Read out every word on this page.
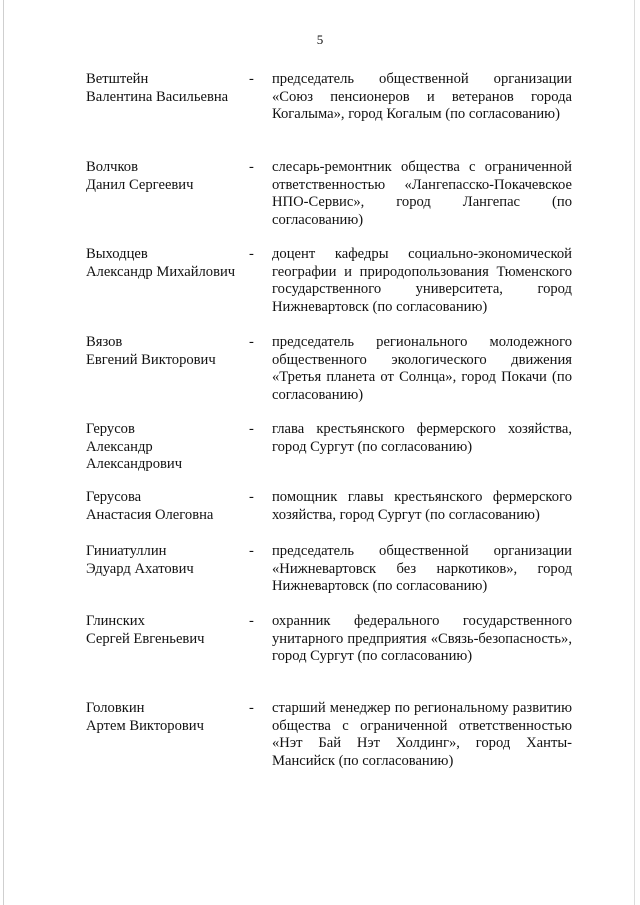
5
Ветштейн
Валентина Васильевна
- председатель общественной организации «Союз пенсионеров и ветеранов города Когалыма», город Когалым (по согласованию)
Волчков
Данил Сергеевич
- слесарь-ремонтник общества с ограниченной ответственностью «Лангепасско-Покачевское НПО-Сервис», город Лангепас (по согласованию)
Выходцев
Александр Михайлович
- доцент кафедры социально-экономической географии и природопользования Тюменского государственного университета, город Нижневартовск (по согласованию)
Вязов
Евгений Викторович
- председатель регионального молодежного общественного экологического движения «Третья планета от Солнца», город Покачи (по согласованию)
Герусов
Александр
Александрович
- глава крестьянского фермерского хозяйства, город Сургут (по согласованию)
Герусова
Анастасия Олеговна
- помощник главы крестьянского фермерского хозяйства, город Сургут (по согласованию)
Гиниатуллин
Эдуард Ахатович
- председатель общественной организации «Нижневартовск без наркотиков», город Нижневартовск (по согласованию)
Глинских
Сергей Евгеньевич
- охранник федерального государственного унитарного предприятия «Связь-безопасность», город Сургут (по согласованию)
Головкин
Артем Викторович
- старший менеджер по региональному развитию общества с ограниченной ответственностью «Нэт Бай Нэт Холдинг», город Ханты-Мансийск (по согласованию)
